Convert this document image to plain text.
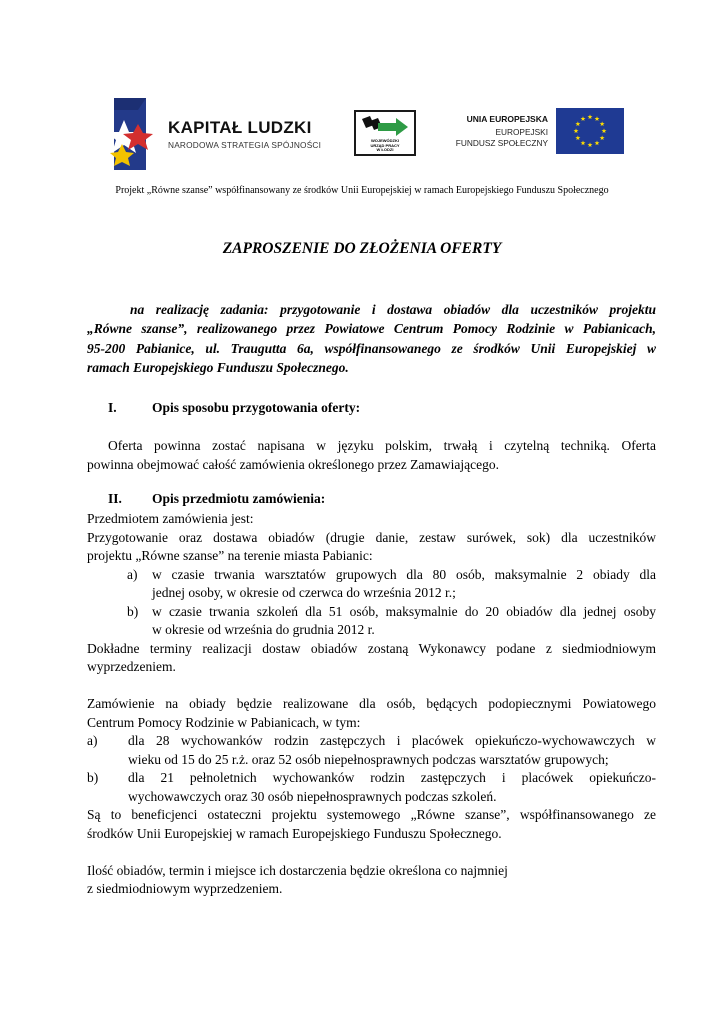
KAPITAŁ LUDZKI
NARODOWA STRATEGIA SPÓJNOŚCI	WOJEWÓDZKI
URZĄD PRACY
W ŁODZI
UNIA EUROPEJSKA
EUROPEJSKI
FUNDUSZ SPOŁECZNY
Projekt „Równe szanse” współfinansowany ze środków Unii Europejskiej w ramach Europejskiego Funduszu Społecznego
ZAPROSZENIE DO ZŁOŻENIA OFERTY
na realizację zadania: przygotowanie i dostawa obiadów dla uczestników projektu
„Równe szanse”, realizowanego przez Powiatowe Centrum Pomocy Rodzinie w Pabianicach,
95-200 Pabianice, ul. Traugutta 6a, współfinansowanego ze środków Unii Europejskiej w
ramach Europejskiego Funduszu Społecznego.
I.	Opis sposobu przygotowania oferty:
Oferta powinna zostać napisana w języku polskim, trwałą i czytelną techniką. Oferta
powinna obejmować całość zamówienia określonego przez Zamawiającego.
II. Opis przedmiotu zamówienia:
Przedmiotem zamówienia jest:
Przygotowanie oraz dostawa obiadów (drugie danie, zestaw surówek, sok) dla uczestników
projektu „Równe szanse” na terenie miasta Pabianic:
a) w czasie trwania warsztatów grupowych dla 80 osób, maksymalnie 2 obiady dla
jednej osoby, w okresie od czerwca do września 2012 r.;
b) w czasie trwania szkoleń dla 51 osób, maksymalnie do 20 obiadów dla jednej osoby
w okresie od września do grudnia 2012 r.
Dokładne terminy realizacji dostaw obiadów zostaną Wykonawcy podane z siedmiodniowym
wyprzedzeniem.
Zamówienie na obiady będzie realizowane dla osób, będących podopiecznymi Powiatowego
Centrum Pomocy Rodzinie w Pabianicach, w tym:
a)	dla 28 wychowanków rodzin zastępczych i placówek opiekuńczo-wychowawczych w
wieku od 15 do 25 r.ż. oraz 52 osób niepełnosprawnych podczas warsztatów grupowych;
b)	dla 21 pełnoletnich wychowanków rodzin zastępczych i placówek opiekuńczo-
wychowawczych oraz 30 osób niepełnosprawnych podczas szkoleń.
Są to beneficjenci ostateczni projektu systemowego „Równe szanse”, współfinansowanego ze
środków Unii Europejskiej w ramach Europejskiego Funduszu Społecznego.
Ilość obiadów, termin i miejsce ich dostarczenia będzie określona co najmniej
z siedmiodniowym wyprzedzeniem.
